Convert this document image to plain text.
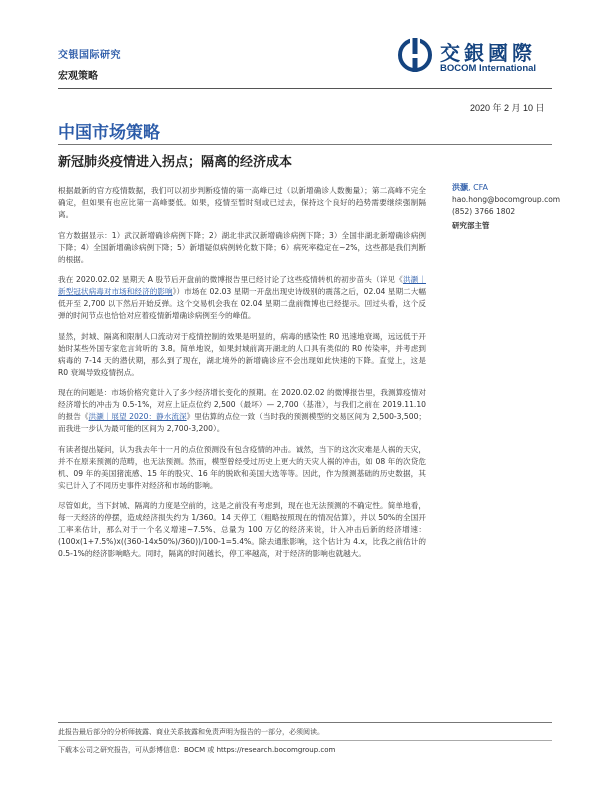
交银国际研究
宏观策略
交銀國際
BOCOM International
2020 年 2 月 10 日
中国市场策略
新冠肺炎疫情进入拐点；隔离的经济成本
洪灏, CFA
hao.hong@bocomgroup.com
(852) 3766 1802
研究部主管

根据最新的官方疫情数据，我们可以初步判断疫情的第一高峰已过（以新增确诊人数衡量）；第二高峰不完全确定，但如果有也应比第一高峰要低。如果，疫情至暂时刻或已过去，保持这个良好的趋势需要继续强制隔离。

官方数据显示：1）武汉新增确诊病例下降；2）湖北非武汉新增确诊病例下降；3）全国非湖北新增确诊病例下降；4）全国新增确诊病例下降；5）新增疑似病例转化数下降；6）病死率稳定在~2%，这些都是我们判断的根据。

我在 2020.02.02 星期天 A 股节后开盘前的微博报告里已经讨论了这些疫情转机的初步苗头（详见《洪灏｜新型冠状病毒对市场和经济的影响》）市场在 02.03 星期一开盘出现史诗级别的震荡之后，02.04 星期二大幅低开至 2,700 以下然后开始反弹。这个交易机会我在 02.04 星期二盘前微博也已经提示。回过头看，这个反弹的时间节点也恰恰对应着疫情新增确诊病例至今的峰值。

显然，封城、隔离和限制人口流动对于疫情控制的效果是明显的，病毒的感染性 R0 迅速地衰竭，远远低于开始时某些外国专家危言耸听的 3.8。简单地说，如果封城前离开湖北的人口具有类似的 R0 传染率，并考虑到病毒的 7-14 天的潜伏期，那么到了现在，湖北境外的新增确诊应不会出现如此快速的下降。直觉上，这是 R0 衰竭导致疫情拐点。

现在的问题是：市场价格究竟计入了多少经济增长变化的预期。在 2020.02.02 的微博报告里，我测算疫情对经济增长的冲击为 0.5-1%，对应上证点位约 2,500（最坏）— 2,700（基准），与我们之前在 2019.11.10 的报告《洪灏｜展望 2020：静水流深》里估算的点位一致（当时我的预测模型的交易区间为 2,500-3,500；而我进一步认为最可能的区间为 2,700-3,200）。

有读者提出疑问，认为我去年十一月的点位预测没有包含疫情的冲击。诚然，当下的这次灾难是人祸的天灾，并不在原来预测的范畴，也无法预测。然而，模型曾经受过历史上更大的天灾人祸的冲击，如 08 年的次贷危机、09 年的美国猪流感、15 年的股灾、16 年的脱欧和美国大选等等。因此，作为预测基础的历史数据，其实已计入了不同历史事件对经济和市场的影响。

尽管如此，当下封城、隔离的力度是空前的，这是之前没有考虑到，现在也无法预测的不确定性。简单地看，每一天经济的停摆，造成经济损失约为 1/360。14 天停工（粗略按照现在的情况估算），并以 50%的全国开工率来估计，那么对于一个名义增速~7.5%、总量为 100 万亿的经济来说，计入冲击后新的经济增速：(100x(1+7.5%)x((360-14x50%)/360))/100-1=5.4%。除去通胀影响，这个估计为 4.x，比我之前估计的 0.5-1%的经济影响略大。同时，隔离的时间越长，停工率越高，对于经济的影响也就越大。

此报告最后部分的分析师披露、商业关系披露和免责声明为报告的一部分，必须阅读。
下载本公司之研究报告，可从彭博信息：BOCM 或 https://research.bocomgroup.com
